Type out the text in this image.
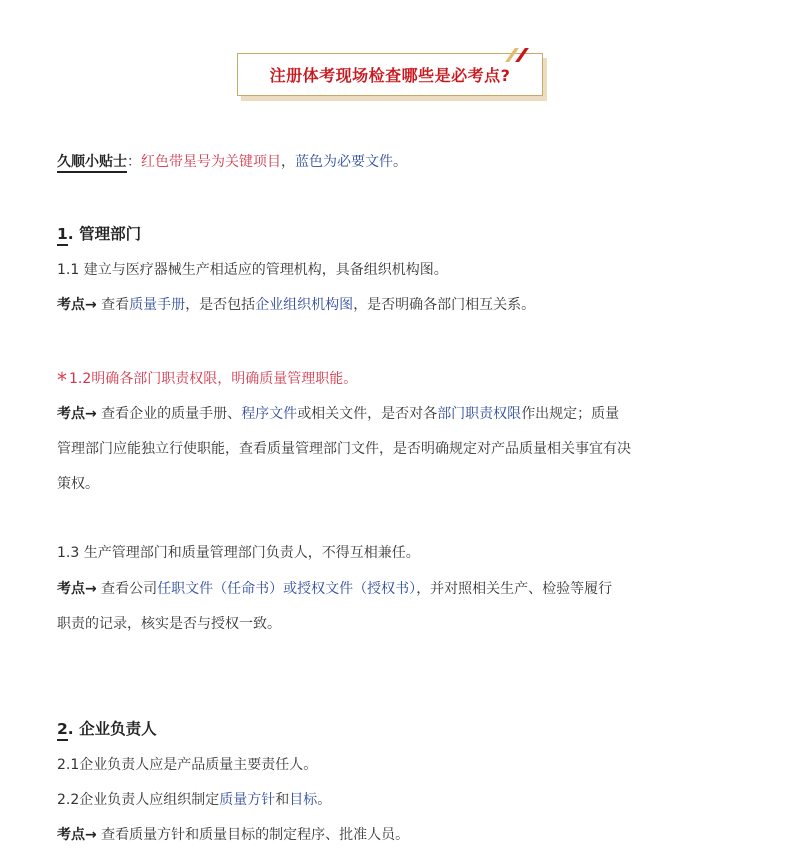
注册体考现场检查哪些是必考点?
久顺小贴士：红色带星号为关键项目，蓝色为必要文件。
1. 管理部门
1.1 建立与医疗器械生产相适应的管理机构，具备组织机构图。
考点→ 查看质量手册，是否包括企业组织机构图，是否明确各部门相互关系。
* 1.2明确各部门职责权限，明确质量管理职能。
考点→ 查看企业的质量手册、程序文件或相关文件，是否对各部门职责权限作出规定；质量
管理部门应能独立行使职能，查看质量管理部门文件，是否明确规定对产品质量相关事宜有决
策权。
1.3 生产管理部门和质量管理部门负责人，不得互相兼任。
考点→ 查看公司任职文件（任命书）或授权文件（授权书），并对照相关生产、检验等履行
职责的记录，核实是否与授权一致。
2. 企业负责人
2.1企业负责人应是产品质量主要责任人。
2.2企业负责人应组织制定质量方针和目标。
考点→ 查看质量方针和质量目标的制定程序、批准人员。
